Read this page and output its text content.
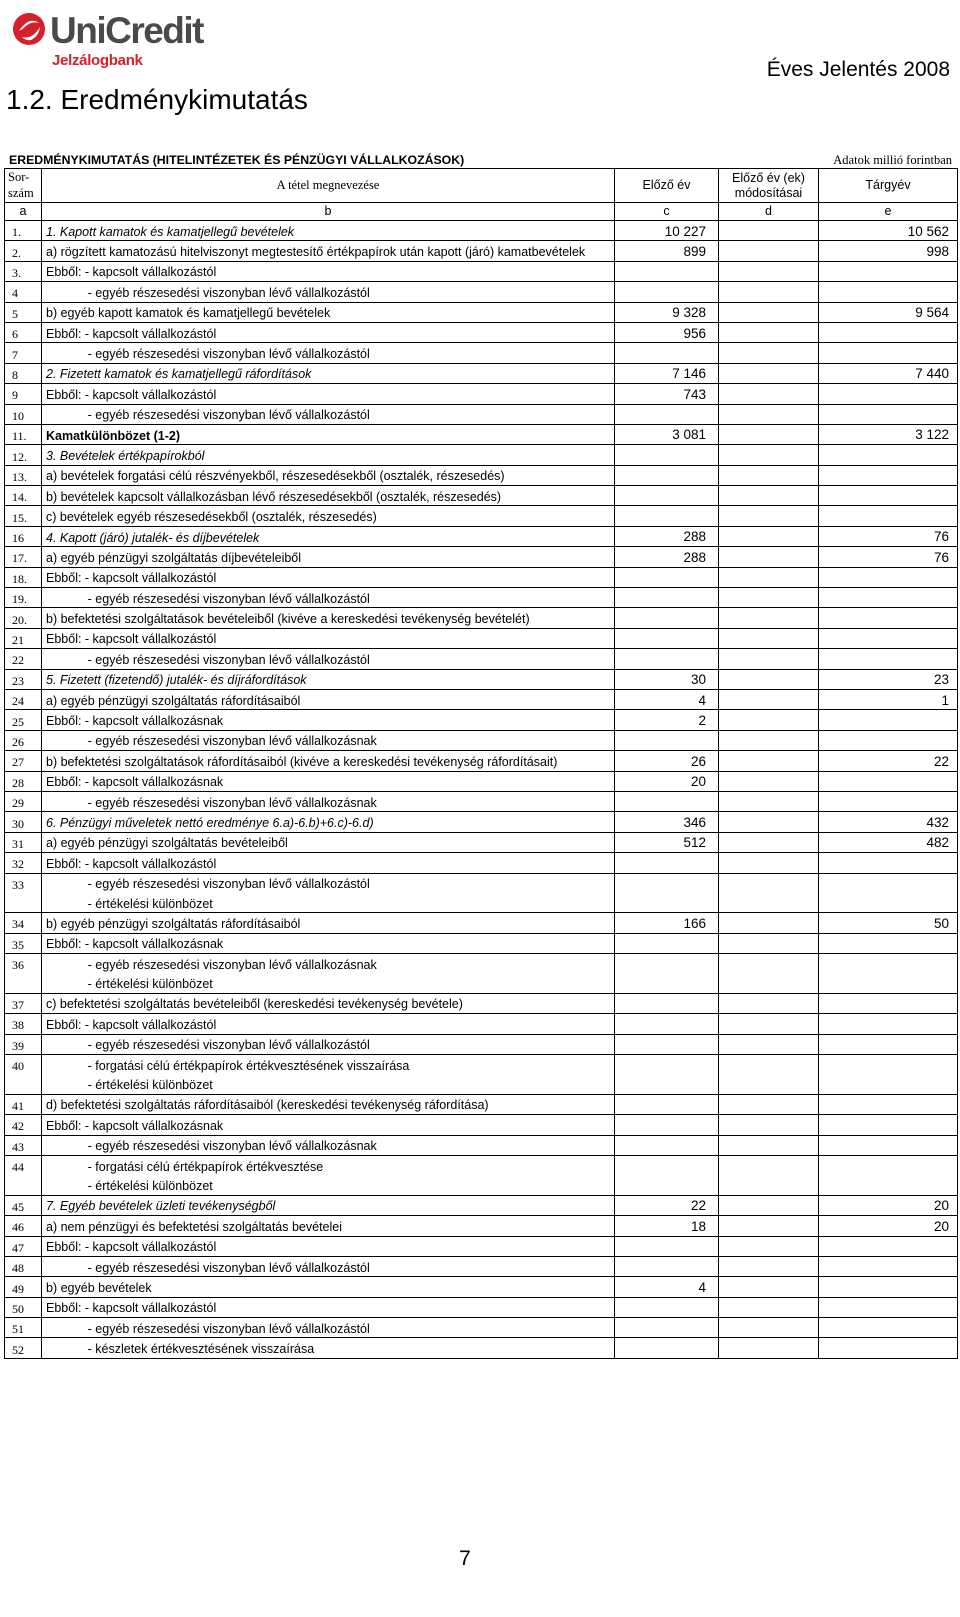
UniCredit
Jelzálogbank	Éves Jelentés 2008
1.2. Eredménykimutatás
EREDMÉNYKIMUTATÁS (HITELINTÉZETEK ÉS PÉNZÜGYI VÁLLALKOZÁSOK)	Adatok millió forintban
Sor-
szám	A tétel megnevezése	Előző év	Előző év (ek) módosításai	Tárgyév
a	b	c	d	e
1.	1. Kapott kamatok és kamatjellegű bevételek	10 227		10 562
2.	a) rögzített kamatozású hitelviszonyt megtestesítő értékpapírok után kapott (járó) kamatbevételek	899		998
3.	Ebből: - kapcsolt vállalkozástól			
4	- egyéb részesedési viszonyban lévő vállalkozástól			
5	b) egyéb kapott kamatok és kamatjellegű bevételek	9 328		9 564
6	Ebből: - kapcsolt vállalkozástól	956		
7	- egyéb részesedési viszonyban lévő vállalkozástól			
8	2. Fizetett kamatok és kamatjellegű ráfordítások	7 146		7 440
9	Ebből: - kapcsolt vállalkozástól	743		
10	- egyéb részesedési viszonyban lévő vállalkozástól			
11.	Kamatkülönbözet (1-2)	3 081		3 122
12.	3. Bevételek értékpapírokból			
13.	a) bevételek forgatási célú részvényekből, részesedésekből (osztalék, részesedés)			
14.	b) bevételek kapcsolt vállalkozásban lévő részesedésekből (osztalék, részesedés)			
15.	c) bevételek egyéb részesedésekből (osztalék, részesedés)			
16	4. Kapott (járó) jutalék- és díjbevételek	288		76
17.	a) egyéb pénzügyi szolgáltatás díjbevételeiből	288		76
18.	Ebből: - kapcsolt vállalkozástól			
19.	- egyéb részesedési viszonyban lévő vállalkozástól			
20.	b) befektetési szolgáltatások bevételeiből (kivéve a kereskedési tevékenység bevételét)			
21	Ebből: - kapcsolt vállalkozástól			
22	- egyéb részesedési viszonyban lévő vállalkozástól			
23	5. Fizetett (fizetendő) jutalék- és díjráfordítások	30		23
24	a) egyéb pénzügyi szolgáltatás ráfordításaiból	4		1
25	Ebből: - kapcsolt vállalkozásnak	2		
26	- egyéb részesedési viszonyban lévő vállalkozásnak			
27	b) befektetési szolgáltatások ráfordításaiból (kivéve a kereskedési tevékenység ráfordításait)	26		22
28	Ebből: - kapcsolt vállalkozásnak	20		
29	- egyéb részesedési viszonyban lévő vállalkozásnak			
30	6. Pénzügyi műveletek nettó eredménye 6.a)-6.b)+6.c)-6.d)	346		432
31	a) egyéb pénzügyi szolgáltatás bevételeiből	512		482
32	Ebből: - kapcsolt vállalkozástól			
33	- egyéb részesedési viszonyban lévő vállalkozástól			
	- értékelési különbözet			
34	b) egyéb pénzügyi szolgáltatás ráfordításaiból	166		50
35	Ebből: - kapcsolt vállalkozásnak			
36	- egyéb részesedési viszonyban lévő vállalkozásnak			
	- értékelési különbözet			
37	c) befektetési szolgáltatás bevételeiből (kereskedési tevékenység bevétele)			
38	Ebből: - kapcsolt vállalkozástól			
39	- egyéb részesedési viszonyban lévő vállalkozástól			
40	- forgatási célú értékpapírok értékvesztésének visszaírása			
	- értékelési különbözet			
41	d) befektetési szolgáltatás ráfordításaiból (kereskedési tevékenység ráfordítása)			
42	Ebből: - kapcsolt vállalkozásnak			
43	- egyéb részesedési viszonyban lévő vállalkozásnak			
44	- forgatási célú értékpapírok értékvesztése			
	- értékelési különbözet			
45	7. Egyéb bevételek üzleti tevékenységből	22		20
46	a) nem pénzügyi és befektetési szolgáltatás bevételei	18		20
47	Ebből: - kapcsolt vállalkozástól			
48	- egyéb részesedési viszonyban lévő vállalkozástól			
49	b) egyéb bevételek	4		
50	Ebből: - kapcsolt vállalkozástól			
51	- egyéb részesedési viszonyban lévő vállalkozástól			
52	- készletek értékvesztésének visszaírása			
7
